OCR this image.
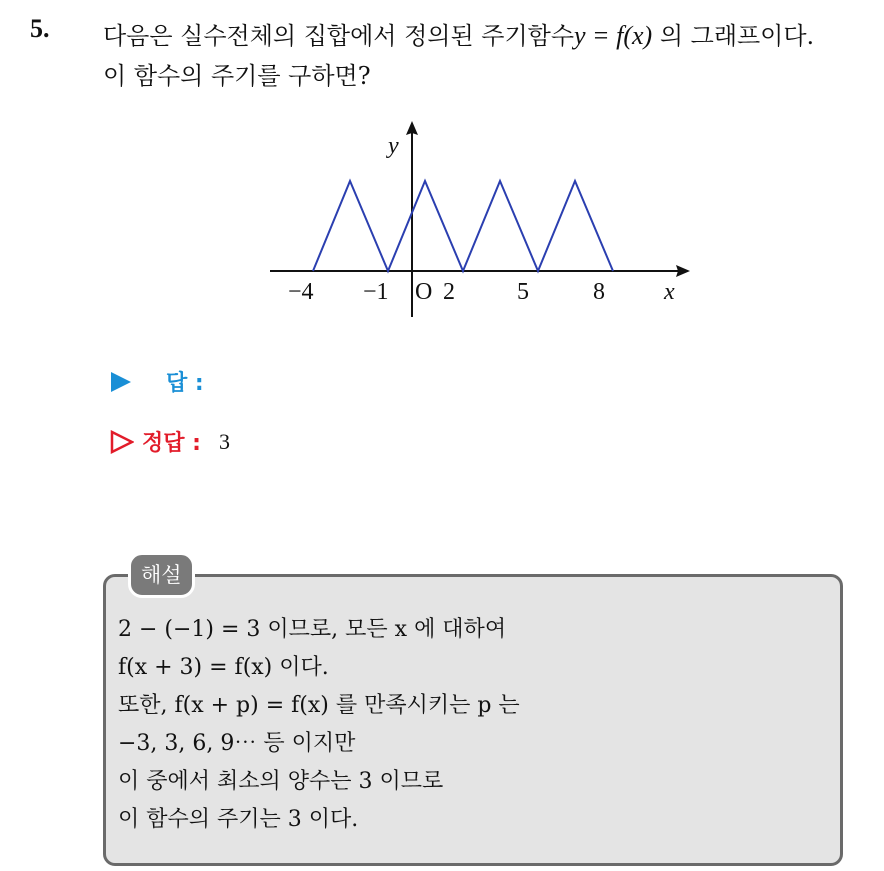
5. 다음은 실수전체의 집합에서 정의된 주기함수y = f(x) 의 그래프이다.
이 함수의 주기를 구하면?
y
−4 −1 O 2	5	8 x
답 :
정답 : 3
해설
2 − (−1) = 3 이므로, 모든 x 에 대하여
f(x + 3) = f(x) 이다.
또한, f(x + p) = f(x) 를 만족시키는 p 는
−3, 3, 6, 9⋯ 등 이지만
이 중에서 최소의 양수는 3 이므로
이 함수의 주기는 3 이다.
